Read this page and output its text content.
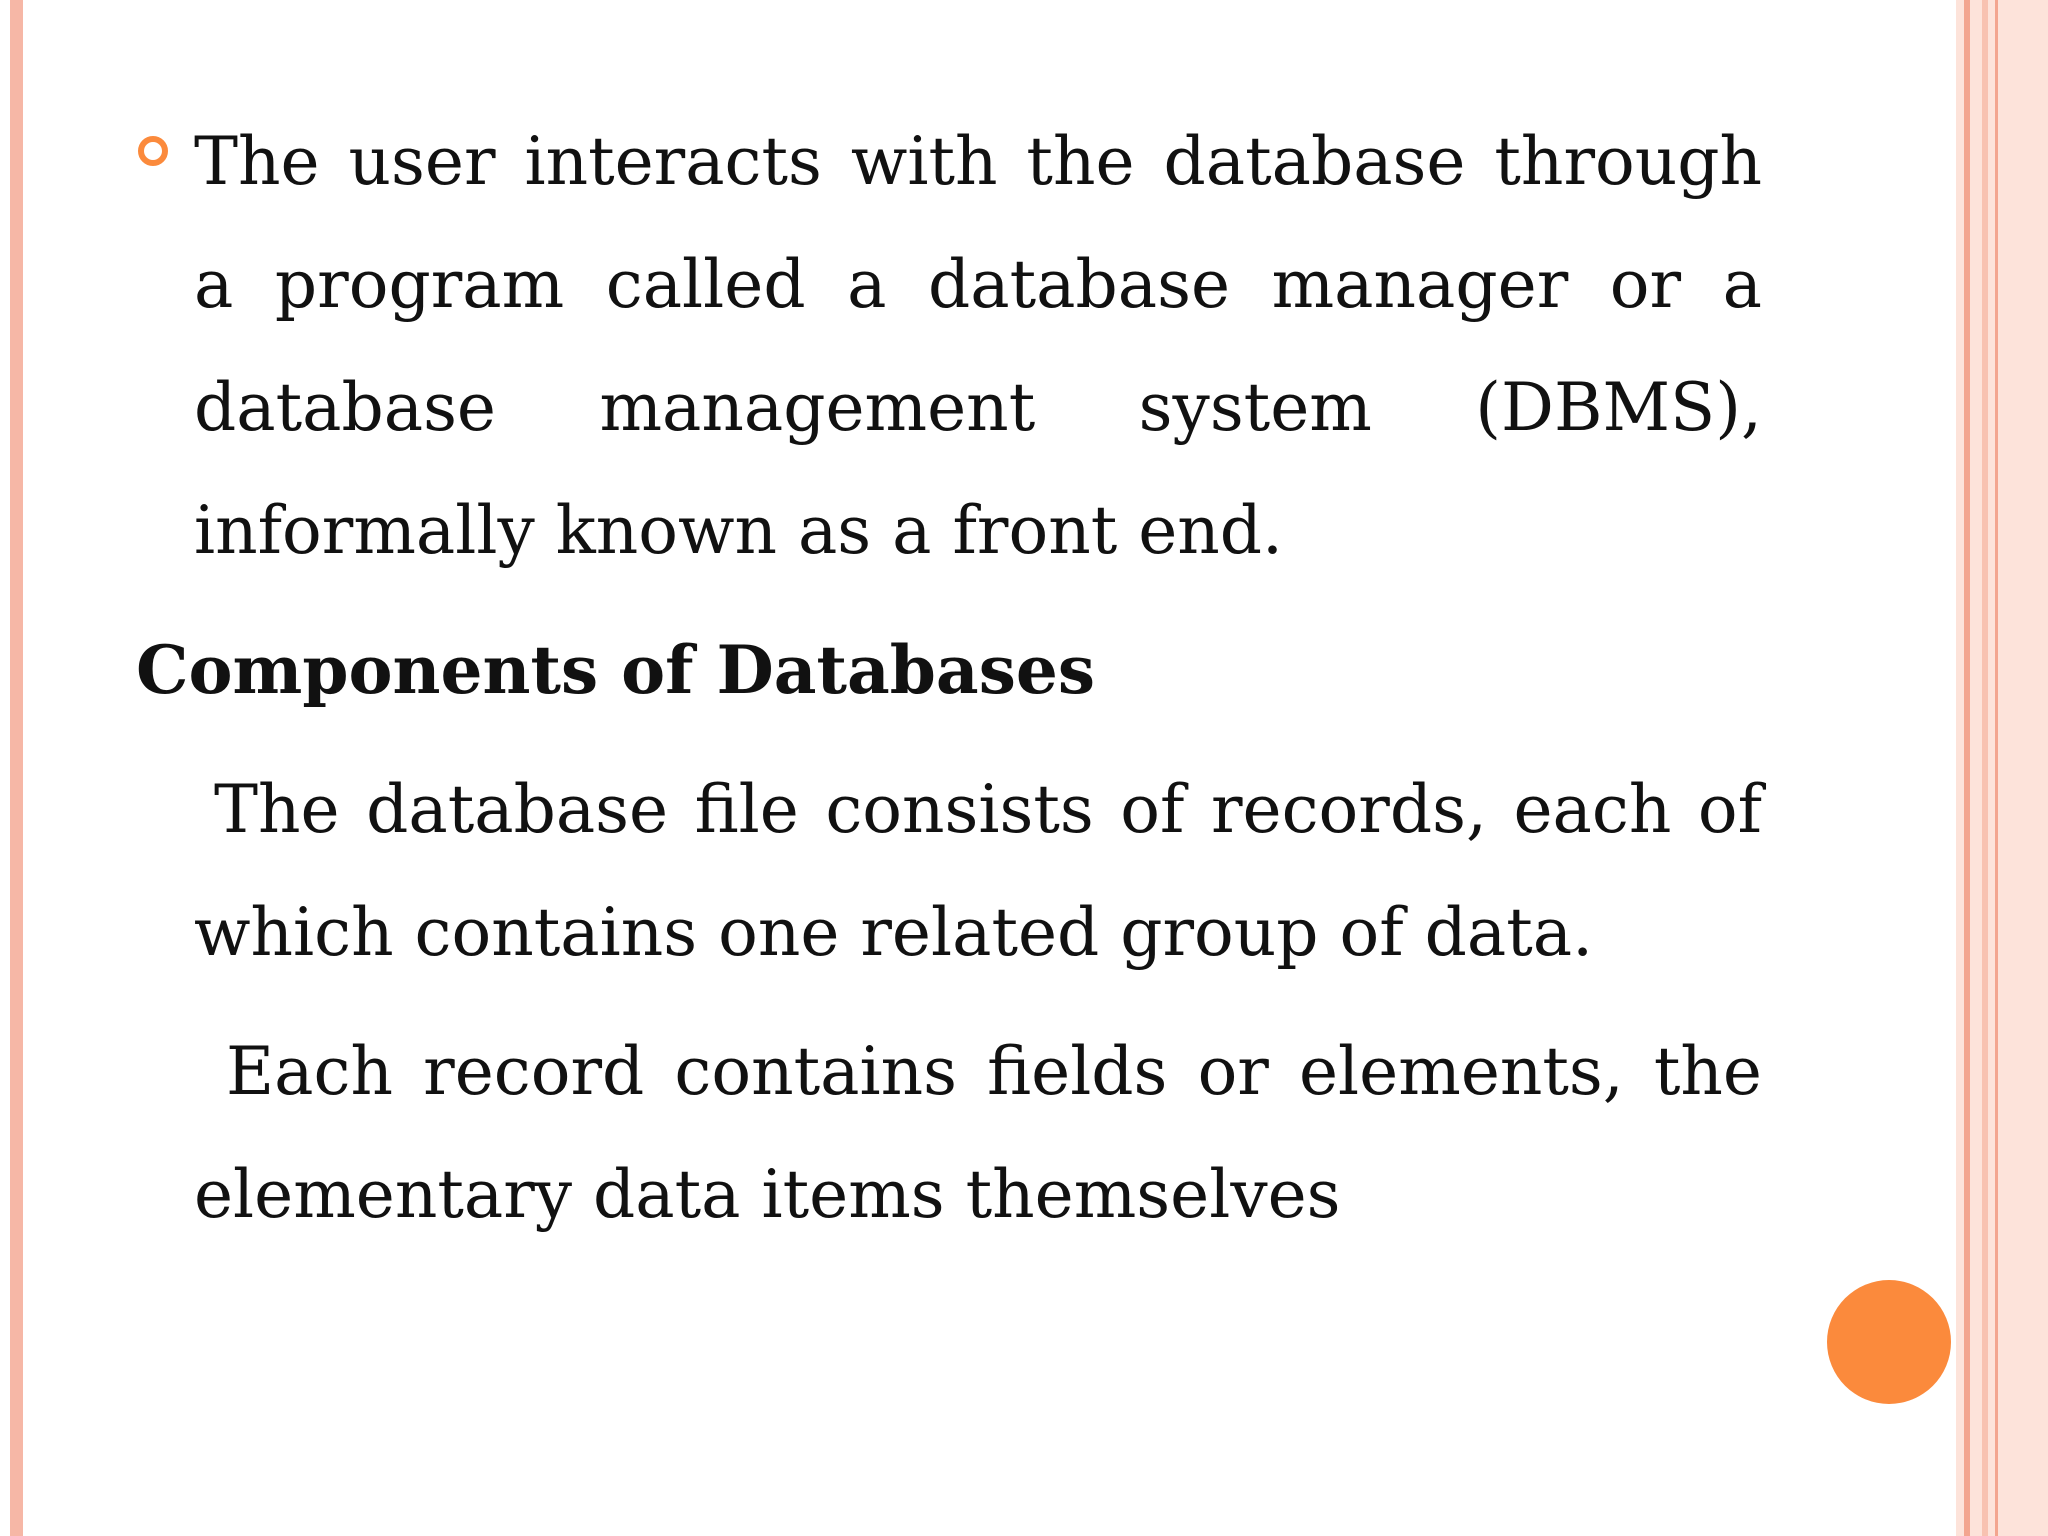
The user interacts with the database through a program called a database manager or a database management system (DBMS), informally known as a front end.

Components of Databases

The database file consists of records, each of which contains one related group of data.

Each record contains fields or elements, the elementary data items themselves
